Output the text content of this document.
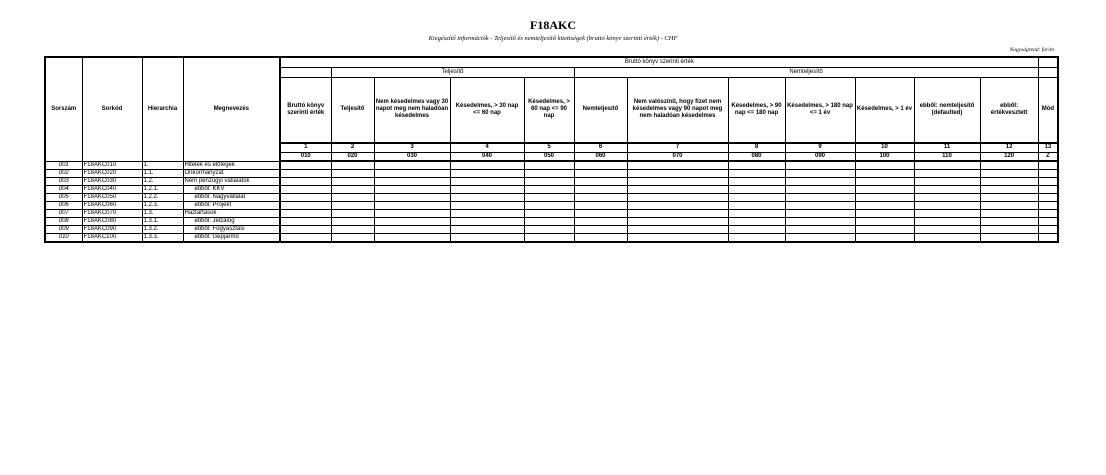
F18AKC
Kiegészítő információk - Teljesítő és nemteljesítő kitettségek (bruttó könyv szerinti érték) - CHF
Nagyságrend: forint
Sorszám	Sorkód	Hierarchia	Megnevezés	Bruttó könyv szerinti érték												
					Teljesítő				Nemteljesítő							
				Bruttó könyv szerinti érték	Teljesítő	Nem késedelmes vagy 30 napot meg nem haladóan késedelmes	Késedelmes, > 30 nap <= 60 nap	Késedelmes, > 60 nap <= 90 nap	Nemteljesítő	Nem valószínű, hogy fizet nem késedelmes vagy 90 napot meg nem haladóan késedelmes	Késedelmes, > 90 nap <= 180 nap	Késedelmes, > 180 nap <= 1 év	Késedelmes, > 1 év	ebből: nemteljesítő (defaulted)	ebből: értékvesztett	Mód
				1	2	3	4	5	6	7	8	9	10	11	12	13
				010	020	030	040	050	060	070	080	090	100	110	120	Z
001	F18AKC010	1.	Hitelek és előlegek													
002	F18AKC020	1.1.	Önkormányzat													
003	F18AKC030	1.2.	Nem pénzügyi vállalatok													
004	F18AKC040	1.2.1.	ebből: KKV													
005	F18AKC050	1.2.2.	ebből: Nagyvállalat													
006	F18AKC060	1.2.3.	ebből: Projekt													
007	F18AKC070	1.3.	Háztartások													
008	F18AKC080	1.3.1.	ebből: Jelzálog													
009	F18AKC090	1.3.2.	ebből: Fogyasztási													
010	F18AKC100	1.3.3.	ebből: Gépjármű													
